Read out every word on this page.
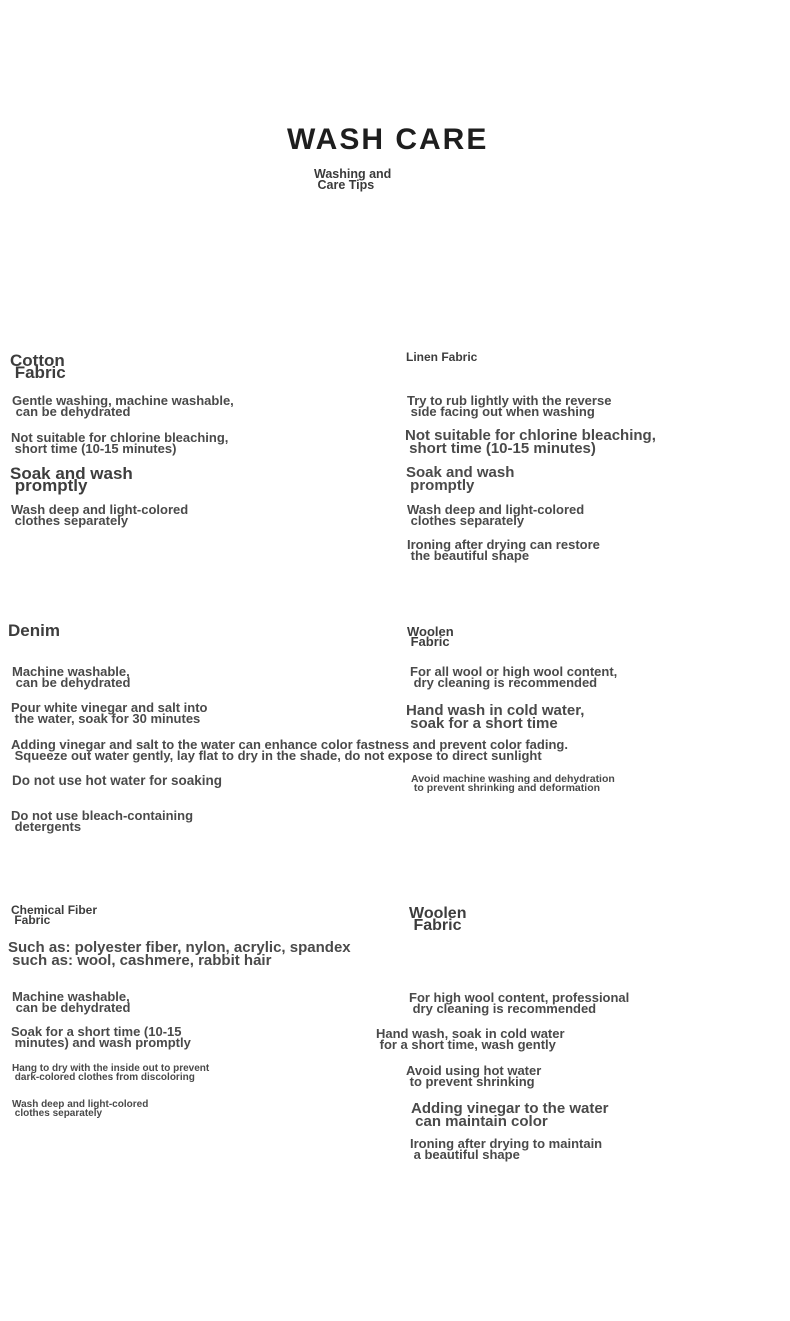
WASH CARE
Washing and
Care Tips
Cotton
Fabric
Gentle washing, machine washable,
can be dehydrated
Not suitable for chlorine bleaching,
short time (10-15 minutes)
Soak and wash
promptly
Wash deep and light-colored
clothes separately
Linen Fabric
Try to rub lightly with the reverse
side facing out when washing
Not suitable for chlorine bleaching,
short time (10-15 minutes)
Soak and wash
promptly
Wash deep and light-colored
clothes separately
Ironing after drying can restore
the beautiful shape
Denim
Machine washable,
can be dehydrated
Pour white vinegar and salt into
the water, soak for 30 minutes
Adding vinegar and salt to the water can enhance color fastness and prevent color fading.
Squeeze out water gently, lay flat to dry in the shade, do not expose to direct sunlight
Do not use hot water for soaking
Do not use bleach-containing
detergents
Woolen
Fabric
For all wool or high wool content,
dry cleaning is recommended
Hand wash in cold water,
soak for a short time
Avoid machine washing and dehydration
to prevent shrinking and deformation
Chemical Fiber
Fabric
Such as: polyester fiber, nylon, acrylic, spandex
such as: wool, cashmere, rabbit hair
Machine washable,
can be dehydrated
Soak for a short time (10-15
minutes) and wash promptly
Hang to dry with the inside out to prevent
dark-colored clothes from discoloring
Wash deep and light-colored
clothes separately
Woolen
Fabric
For high wool content, professional
dry cleaning is recommended
Hand wash, soak in cold water
for a short time, wash gently
Avoid using hot water
to prevent shrinking
Adding vinegar to the water
can maintain color
Ironing after drying to maintain
a beautiful shape
